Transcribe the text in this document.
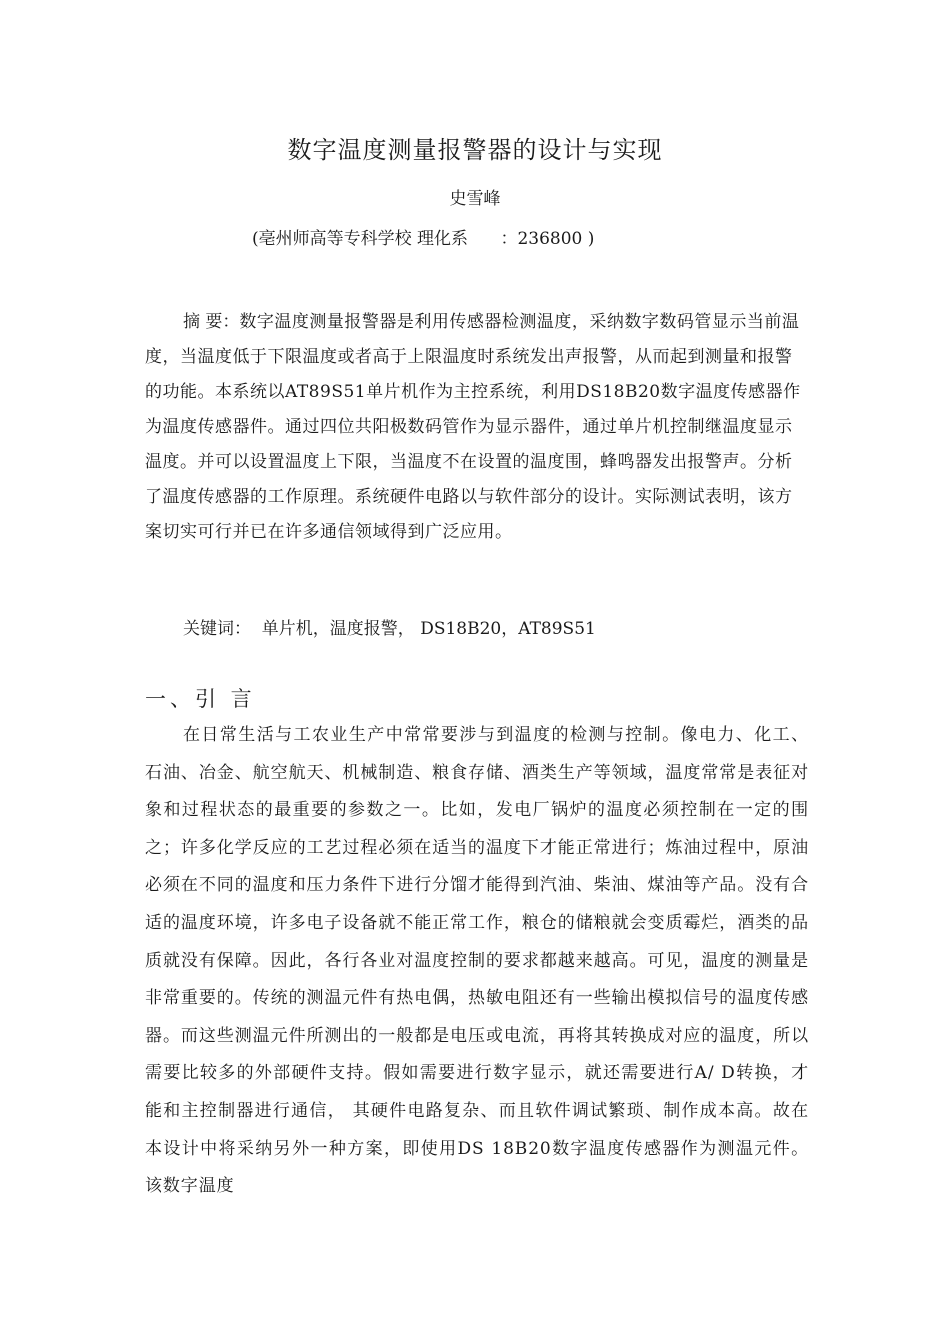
数字温度测量报警器的设计与实现
史雪峰
(亳州师高等专科学校 理化系      ：236800 )

摘 要：数字温度测量报警器是利用传感器检测温度，采纳数字数码管显示当前温度，当温度低于下限温度或者高于上限温度时系统发出声报警，从而起到测量和报警的功能。本系统以AT89S51单片机作为主控系统，利用DS18B20数字温度传感器作为温度传感器件。通过四位共阳极数码管作为显示器件，通过单片机控制继温度显示温度。并可以设置温度上下限，当温度不在设置的温度围，蜂鸣器发出报警声。分析了温度传感器的工作原理。系统硬件电路以与软件部分的设计。实际测试表明，该方案切实可行并已在许多通信领域得到广泛应用。

关键词：  单片机，温度报警， DS18B20，AT89S51
一、引 言

在日常生活与工农业生产中常常要涉与到温度的检测与控制。像电力、化工、石油、冶金、航空航天、机械制造、粮食存储、酒类生产等领域，温度常常是表征对象和过程状态的最重要的参数之一。比如，发电厂锅炉的温度必须控制在一定的围之；许多化学反应的工艺过程必须在适当的温度下才能正常进行；炼油过程中，原油必须在不同的温度和压力条件下进行分馏才能得到汽油、柴油、煤油等产品。没有合适的温度环境，许多电子设备就不能正常工作，粮仓的储粮就会变质霉烂，酒类的品质就没有保障。因此，各行各业对温度控制的要求都越来越高。可见，温度的测量是非常重要的。传统的测温元件有热电偶，热敏电阻还有一些输出模拟信号的温度传感器。而这些测温元件所测出的一般都是电压或电流，再将其转换成对应的温度，所以需要比较多的外部硬件支持。假如需要进行数字显示，就还需要进行A/ D转换，才能和主控制器进行通信， 其硬件电路复杂、而且软件调试繁琐、制作成本高。故在本设计中将采纳另外一种方案，即使用DS 18B20数字温度传感器作为测温元件。该数字温度
